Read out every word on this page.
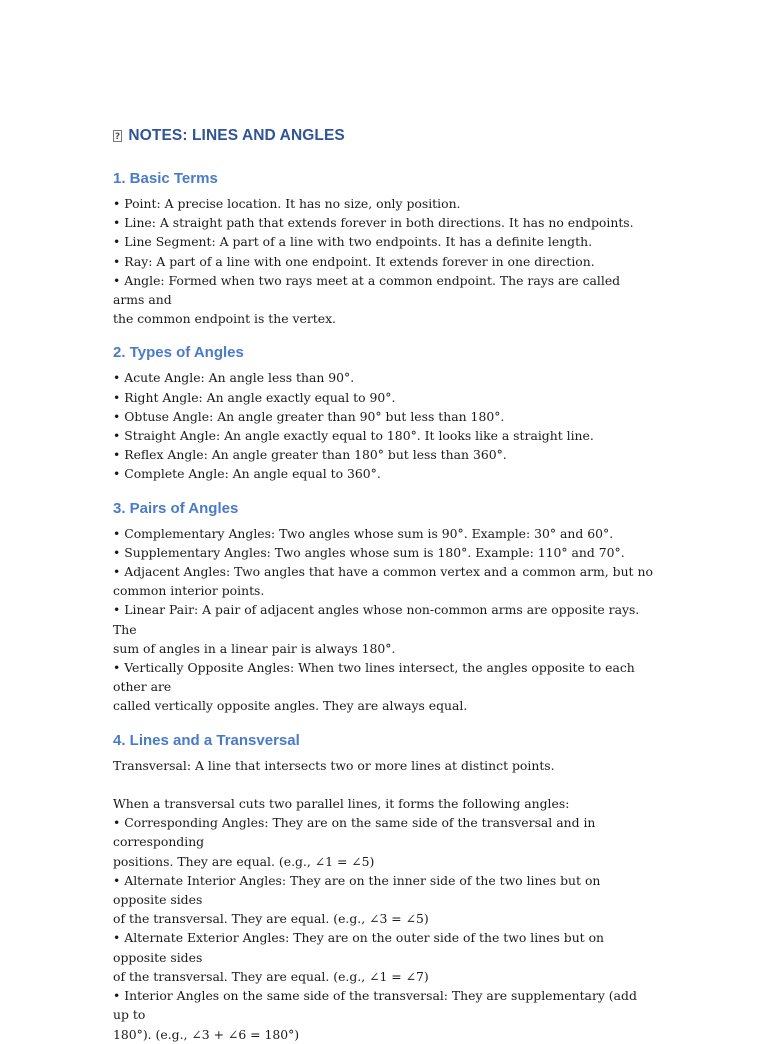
? NOTES: LINES AND ANGLES
1. Basic Terms

• Point: A precise location. It has no size, only position.

• Line: A straight path that extends forever in both directions. It has no endpoints.

• Line Segment: A part of a line with two endpoints. It has a definite length.

• Ray: A part of a line with one endpoint. It extends forever in one direction.

• Angle: Formed when two rays meet at a common endpoint. The rays are called arms and

the common endpoint is the vertex.

2. Types of Angles

• Acute Angle: An angle less than 90°.

• Right Angle: An angle exactly equal to 90°.

• Obtuse Angle: An angle greater than 90° but less than 180°.

• Straight Angle: An angle exactly equal to 180°. It looks like a straight line.

• Reflex Angle: An angle greater than 180° but less than 360°.

• Complete Angle: An angle equal to 360°.

3. Pairs of Angles

• Complementary Angles: Two angles whose sum is 90°. Example: 30° and 60°.

• Supplementary Angles: Two angles whose sum is 180°. Example: 110° and 70°.

• Adjacent Angles: Two angles that have a common vertex and a common arm, but no

common interior points.

• Linear Pair: A pair of adjacent angles whose non-common arms are opposite rays. The

sum of angles in a linear pair is always 180°.

• Vertically Opposite Angles: When two lines intersect, the angles opposite to each other are

called vertically opposite angles. They are always equal.

4. Lines and a Transversal

Transversal: A line that intersects two or more lines at distinct points.

When a transversal cuts two parallel lines, it forms the following angles:

• Corresponding Angles: They are on the same side of the transversal and in corresponding

positions. They are equal. (e.g., ∠1 = ∠5)

• Alternate Interior Angles: They are on the inner side of the two lines but on opposite sides

of the transversal. They are equal. (e.g., ∠3 = ∠5)

• Alternate Exterior Angles: They are on the outer side of the two lines but on opposite sides

of the transversal. They are equal. (e.g., ∠1 = ∠7)

• Interior Angles on the same side of the transversal: They are supplementary (add up to

180°). (e.g., ∠3 + ∠6 = 180°)
